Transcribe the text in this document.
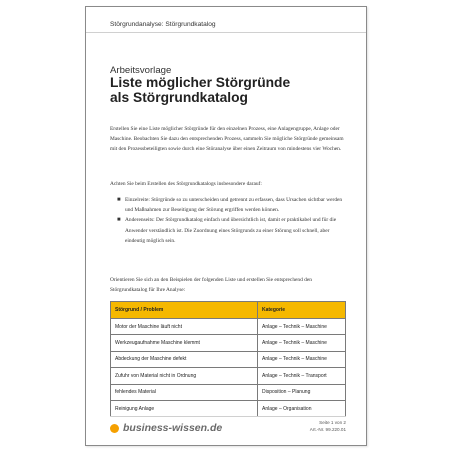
Störgrundanalyse: Störgrundkatalog
Arbeitsvorlage
Liste möglicher Störgründe
als Störgrundkatalog
Erstellen Sie eine Liste möglicher Störgründe für den einzelnen Prozess, eine Anlagengruppe, Anlage oder Maschine. Beobachten Sie dazu den entsprechenden Prozess, sammeln Sie mögliche Störgründe gemeinsam mit den Prozessbeteiligten sowie durch eine Störanalyse über einen Zeitraum von mindestens vier Wochen.
Achten Sie beim Erstellen des Störgrundkatalogs insbesondere darauf:
■ Einzelreite: Störgründe so zu unterscheiden und getrennt zu erfassen, dass Ursachen sichtbar werden und Maßnahmen zur Beseitigung der Störung ergriffen werden können.
■ Anderenseits: Der Störgrundkatalog einfach und übersichtlich ist, damit er praktikabel und für die Anwender verständlich ist. Die Zuordnung eines Störgrunds zu einer Störung soll schnell, aber eindeutig möglich sein.
Orientieren Sie sich an den Beispielen der folgenden Liste und erstellen Sie entsprechend den Störgrundkatalog für Ihre Analyse:
Störgrund / Problem	Kategorie
Motor der Maschine läuft nicht	Anlage – Technik – Maschine
Werkzeugaufnahme Maschine klemmt	Anlage – Technik – Maschine
Abdeckung der Maschine defekt	Anlage – Technik – Maschine
Zufuhr von Material nicht in Ordnung	Anlage – Technik – Transport
fehlendes Material	Disposition – Planung
Reinigung Anlage	Anlage – Organisation
business-wissen.de	Seite 1 von 2
Art.-Nr. 99.220.01
